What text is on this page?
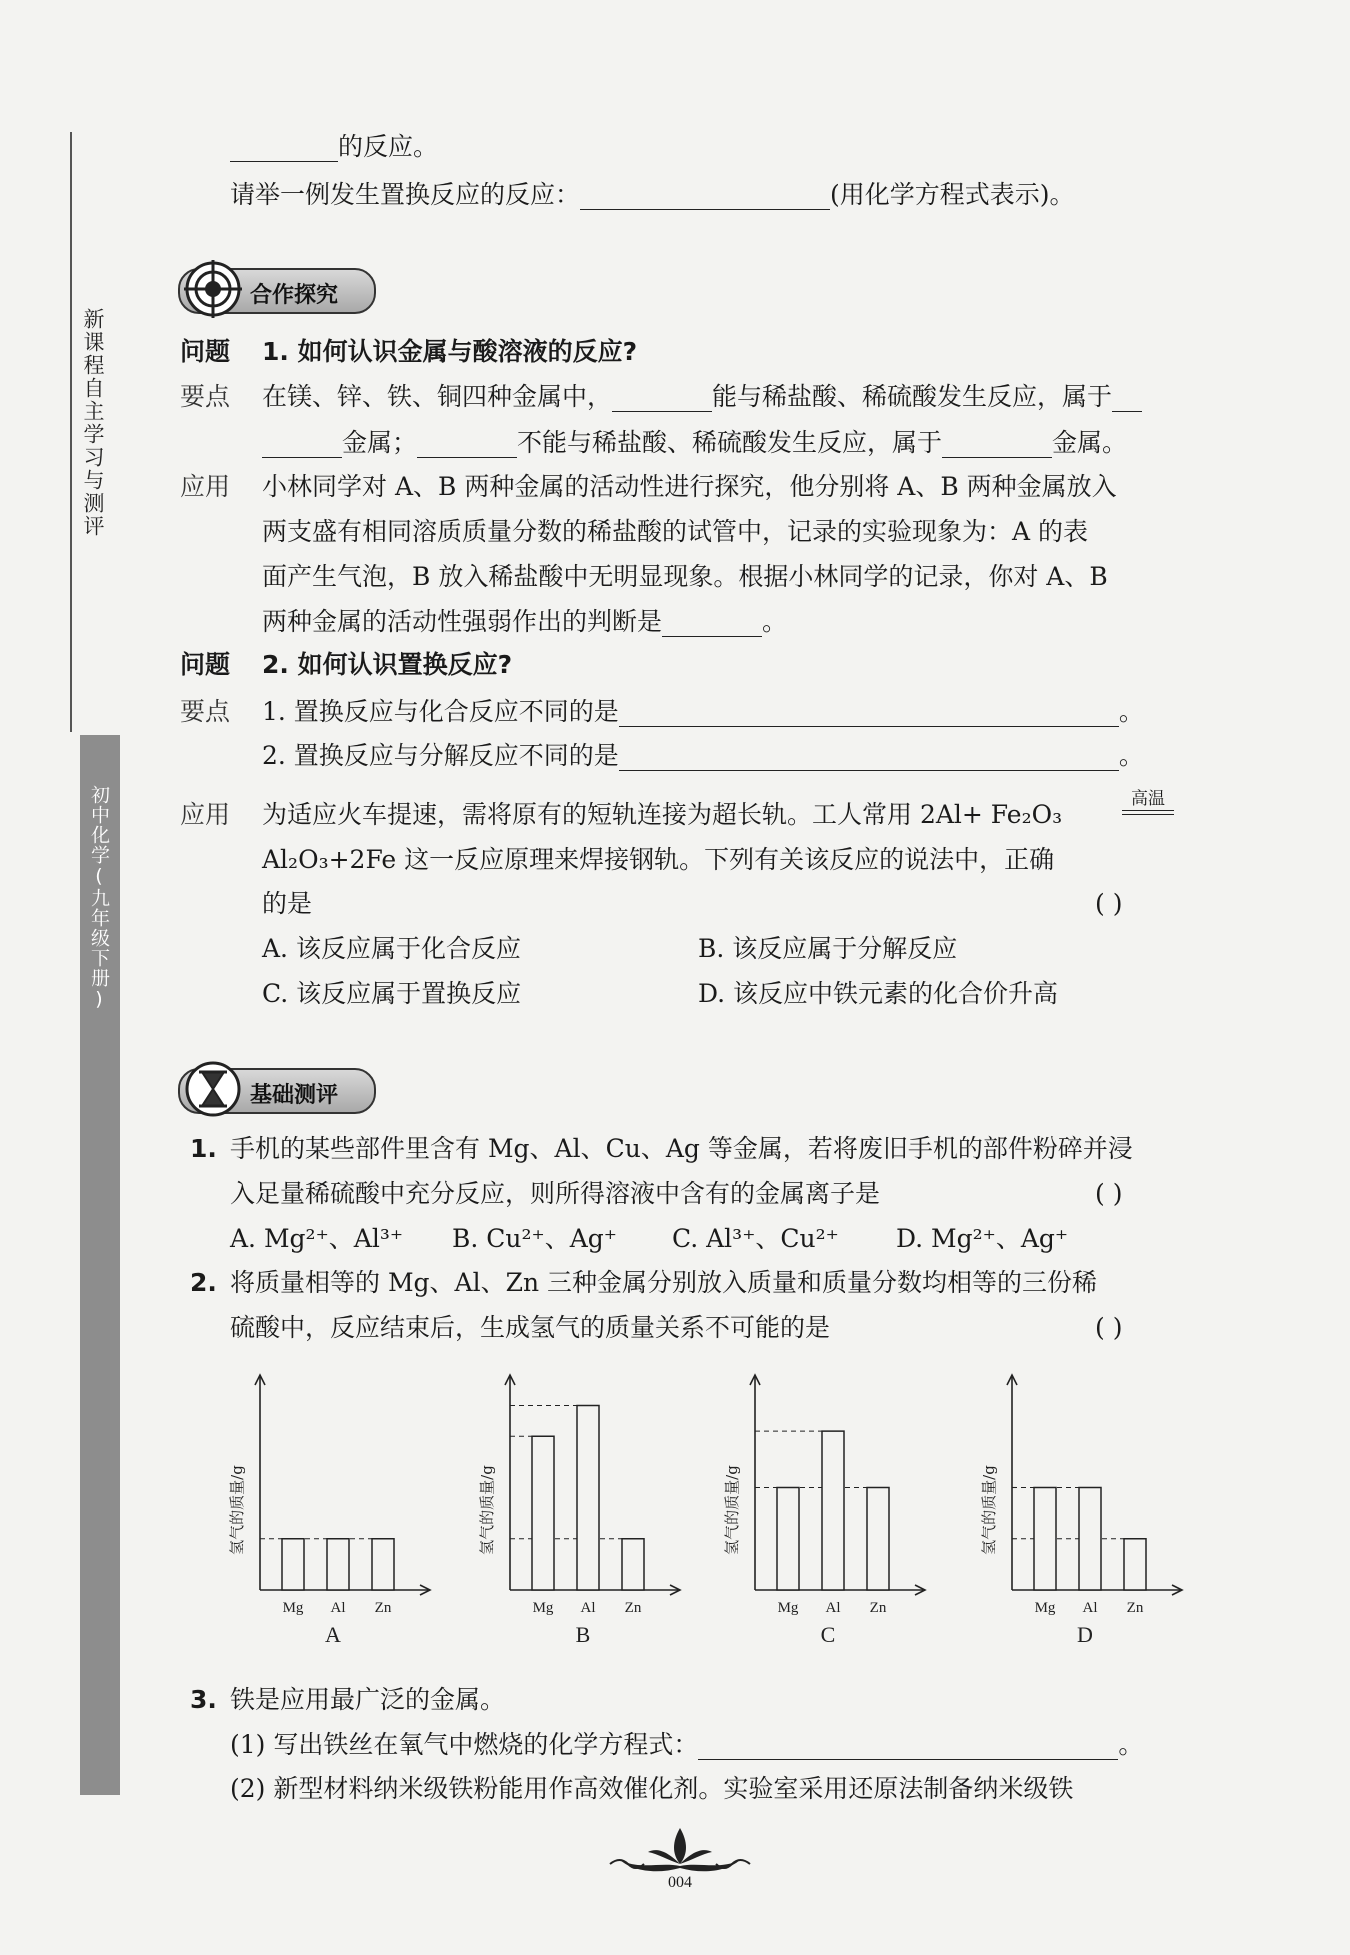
新课程自主学习与测评
初中化学(九年级下册)
的反应。
请举一例发生置换反应的反应：	(用化学方程式表示)。
合作探究
问题 1. 如何认识金属与酸溶液的反应?
要点 在镁、锌、铁、铜四种金属中，	能与稀盐酸、稀硫酸发生反应，属于
金属；	不能与稀盐酸、稀硫酸发生反应，属于	金属。
应用 小林同学对 A、B 两种金属的活动性进行探究，他分别将 A、B 两种金属放入
两支盛有相同溶质质量分数的稀盐酸的试管中，记录的实验现象为：A 的表
面产生气泡，B 放入稀盐酸中无明显现象。根据小林同学的记录，你对 A、B
两种金属的活动性强弱作出的判断是	。
问题 2. 如何认识置换反应?
要点 1. 置换反应与化合反应不同的是	。
2. 置换反应与分解反应不同的是	。
应用 为适应火车提速，需将原有的短轨连接为超长轨。工人常用 2Al+ Fe₂O₃
高温
Al₂O₃+2Fe 这一反应原理来焊接钢轨。下列有关该反应的说法中，正确
的是	( )
A. 该反应属于化合反应	B. 该反应属于分解反应
C. 该反应属于置换反应	D. 该反应中铁元素的化合价升高
基础测评
1. 手机的某些部件里含有 Mg、Al、Cu、Ag 等金属，若将废旧手机的部件粉碎并浸
入足量稀硫酸中充分反应，则所得溶液中含有的金属离子是	( )
A. Mg²⁺、Al³⁺ B. Cu²⁺、Ag⁺ C. Al³⁺、Cu²⁺ D. Mg²⁺、Ag⁺
2. 将质量相等的 Mg、Al、Zn 三种金属分别放入质量和质量分数均相等的三份稀
硫酸中，反应结束后，生成氢气的质量关系不可能的是	( )
氢气的质量/g
Mg Al Zn
A
氢气的质量/g
Mg Al Zn
B
氢气的质量/g
Mg Al Zn
C
氢气的质量/g
Mg Al Zn
D
3. 铁是应用最广泛的金属。
(1) 写出铁丝在氧气中燃烧的化学方程式：	。
(2) 新型材料纳米级铁粉能用作高效催化剂。实验室采用还原法制备纳米级铁
004
